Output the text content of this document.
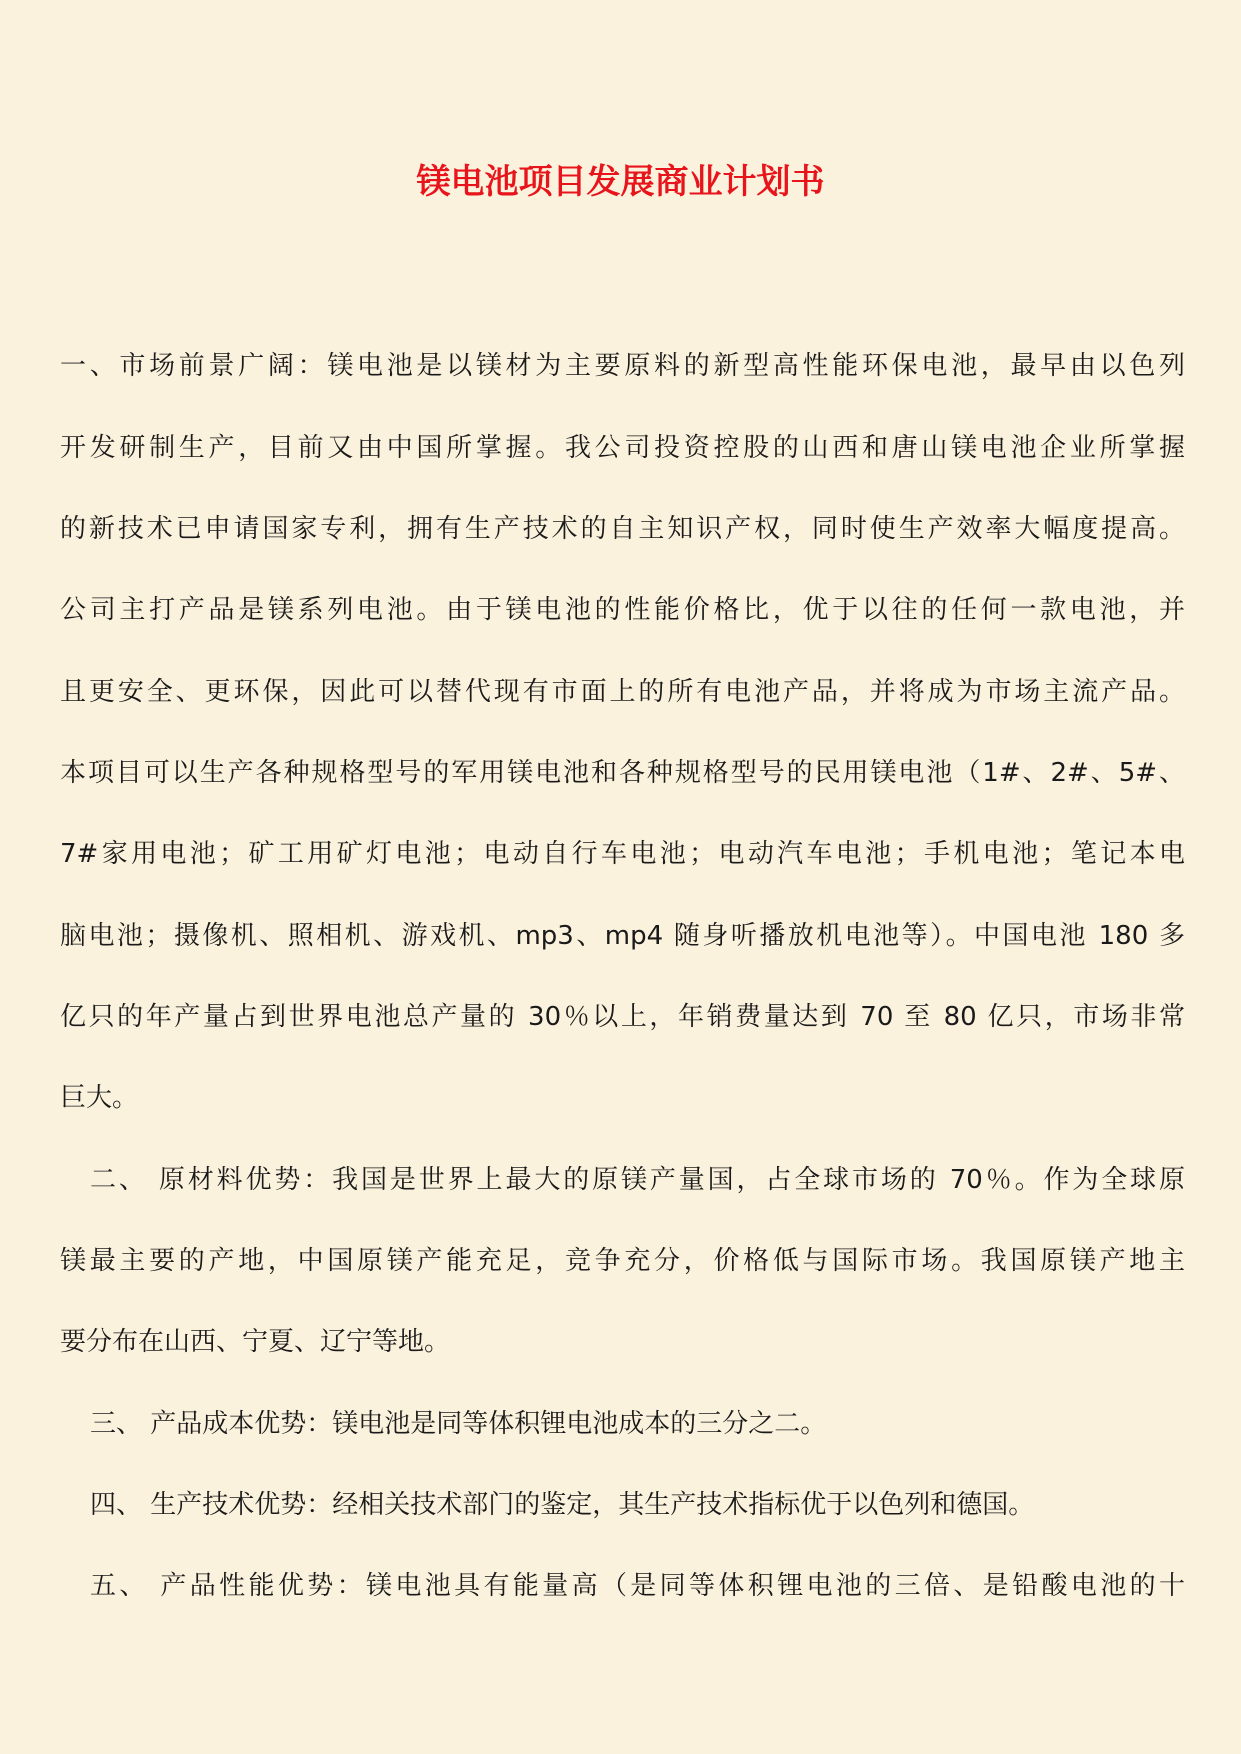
镁电池项目发展商业计划书
一、市场前景广阔：镁电池是以镁材为主要原料的新型高性能环保电池，最早由以色列
开发研制生产，目前又由中国所掌握。我公司投资控股的山西和唐山镁电池企业所掌握
的新技术已申请国家专利，拥有生产技术的自主知识产权，同时使生产效率大幅度提高。
公司主打产品是镁系列电池。由于镁电池的性能价格比，优于以往的任何一款电池，并
且更安全、更环保，因此可以替代现有市面上的所有电池产品，并将成为市场主流产品。
本项目可以生产各种规格型号的军用镁电池和各种规格型号的民用镁电池（1#、2#、5#、
7#家用电池；矿工用矿灯电池；电动自行车电池；电动汽车电池；手机电池；笔记本电
脑电池；摄像机、照相机、游戏机、mp3、mp4 随身听播放机电池等）。中国电池 180 多
亿只的年产量占到世界电池总产量的 30％以上，年销费量达到 70 至 80 亿只，市场非常
巨大。
二、 原材料优势：我国是世界上最大的原镁产量国，占全球市场的 70％。作为全球原
镁最主要的产地，中国原镁产能充足，竞争充分，价格低与国际市场。我国原镁产地主
要分布在山西、宁夏、辽宁等地。
三、 产品成本优势：镁电池是同等体积锂电池成本的三分之二。
四、 生产技术优势：经相关技术部门的鉴定，其生产技术指标优于以色列和德国。
五、 产品性能优势：镁电池具有能量高（是同等体积锂电池的三倍、是铅酸电池的十
